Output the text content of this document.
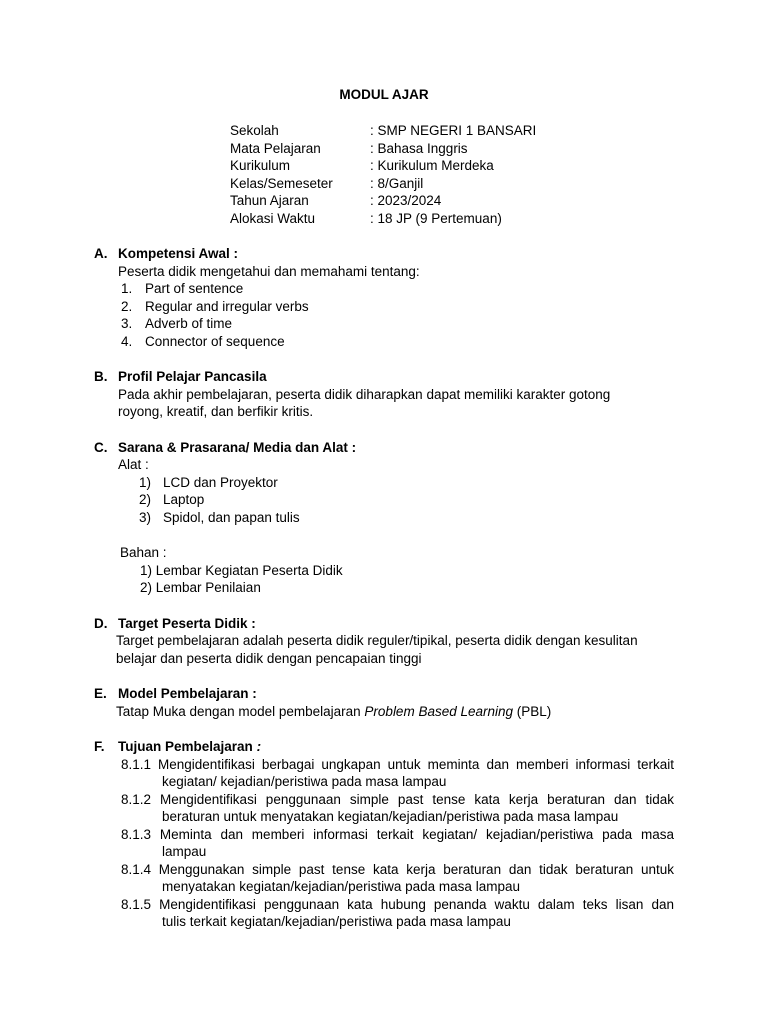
MODUL AJAR
Sekolah	: SMP NEGERI 1 BANSARI
Mata Pelajaran	: Bahasa Inggris
Kurikulum	: Kurikulum Merdeka
Kelas/Semeseter	: 8/Ganjil
Tahun Ajaran	: 2023/2024
Alokasi Waktu	: 18 JP (9 Pertemuan)
A. Kompetensi Awal :
Peserta didik mengetahui dan memahami tentang:
1. Part of sentence
2. Regular and irregular verbs
3. Adverb of time
4. Connector of sequence
B. Profil Pelajar Pancasila
Pada akhir pembelajaran, peserta didik diharapkan dapat memiliki karakter gotong
royong, kreatif, dan berfikir kritis.
C. Sarana & Prasarana/ Media dan Alat :
Alat :
1) LCD dan Proyektor
2) Laptop
3) Spidol, dan papan tulis
Bahan :
1) Lembar Kegiatan Peserta Didik
2) Lembar Penilaian
D. Target Peserta Didik :
Target pembelajaran adalah peserta didik reguler/tipikal, peserta didik dengan kesulitan
belajar dan peserta didik dengan pencapaian tinggi
E. Model Pembelajaran :
Tatap Muka dengan model pembelajaran Problem Based Learning (PBL)
F. Tujuan Pembelajaran :
8.1.1 Mengidentifikasi berbagai ungkapan untuk meminta dan memberi informasi terkait
kegiatan/ kejadian/peristiwa pada masa lampau
8.1.2 Mengidentifikasi penggunaan simple past tense kata kerja beraturan dan tidak
beraturan untuk menyatakan kegiatan/kejadian/peristiwa pada masa lampau
8.1.3 Meminta dan memberi informasi terkait kegiatan/ kejadian/peristiwa pada masa
lampau
8.1.4 Menggunakan simple past tense kata kerja beraturan dan tidak beraturan untuk
menyatakan kegiatan/kejadian/peristiwa pada masa lampau
8.1.5 Mengidentifikasi penggunaan kata hubung penanda waktu dalam teks lisan dan
tulis terkait kegiatan/kejadian/peristiwa pada masa lampau
